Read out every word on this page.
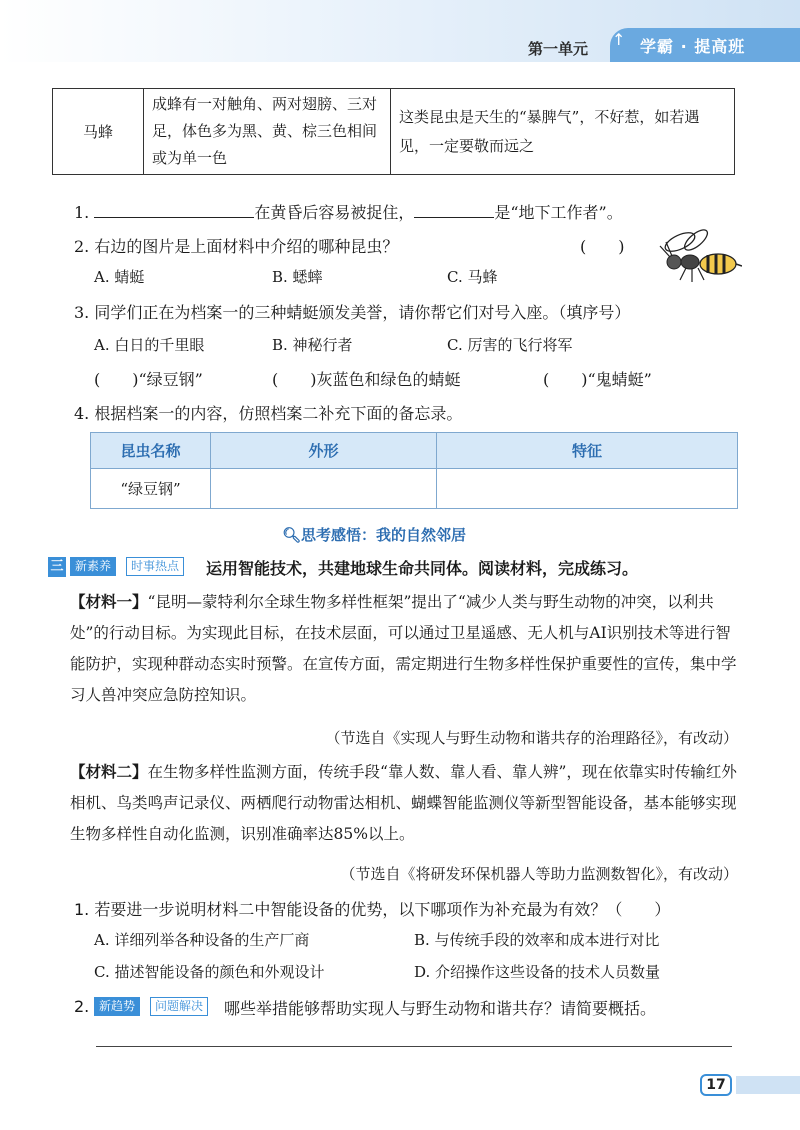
第一单元 ↑ 学霸 · 提高班
马蜂	成蜂有一对触角、两对翅膀、三对足，体色多为黑、黄、棕三色相间或为单一色	这类昆虫是天生的“暴脾气”，不好惹，如若遇见，一定要敬而远之
1.	在黄昏后容易被捉住，	是“地下工作者”。
2. 右边的图片是上面材料中介绍的哪种昆虫？	(　　)
A. 蜻蜓	B. 蟋蟀	C. 马蜂
3. 同学们正在为档案一的三种蜻蜓颁发美誉，请你帮它们对号入座。（填序号）
A. 白日的千里眼	B. 神秘行者	C. 厉害的飞行将军
(　　)“绿豆钢”	(　　)灰蓝色和绿色的蜻蜓	(　　)“鬼蜻蜓”
4. 根据档案一的内容，仿照档案二补充下面的备忘录。
昆虫名称	外形	特征
“绿豆钢”		
🔍︎思考感悟：我的自然邻居
三 新素养	时事热点	运用智能技术，共建地球生命共同体。阅读材料，完成练习。
【材料一】“昆明—蒙特利尔全球生物多样性框架”提出了“减少人类与野生动物的冲突，以利共处”的行动目标。为实现此目标，在技术层面，可以通过卫星遥感、无人机与AI识别技术等进行智能防护，实现种群动态实时预警。在宣传方面，需定期进行生物多样性保护重要性的宣传，集中学习人兽冲突应急防控知识。
（节选自《实现人与野生动物和谐共存的治理路径》，有改动）
【材料二】在生物多样性监测方面，传统手段“靠人数、靠人看、靠人辨”，现在依靠实时传输红外相机、鸟类鸣声记录仪、两栖爬行动物雷达相机、蝴蝶智能监测仪等新型智能设备，基本能够实现生物多样性自动化监测，识别准确率达85%以上。
（节选自《将研发环保机器人等助力监测数智化》，有改动）
1. 若要进一步说明材料二中智能设备的优势，以下哪项作为补充最为有效？（　　）
A. 详细列举各种设备的生产厂商	B. 与传统手段的效率和成本进行对比
C. 描述智能设备的颜色和外观设计	D. 介绍操作这些设备的技术人员数量
2. 新趋势	问题解决	哪些举措能够帮助实现人与野生动物和谐共存？请简要概括。
17
